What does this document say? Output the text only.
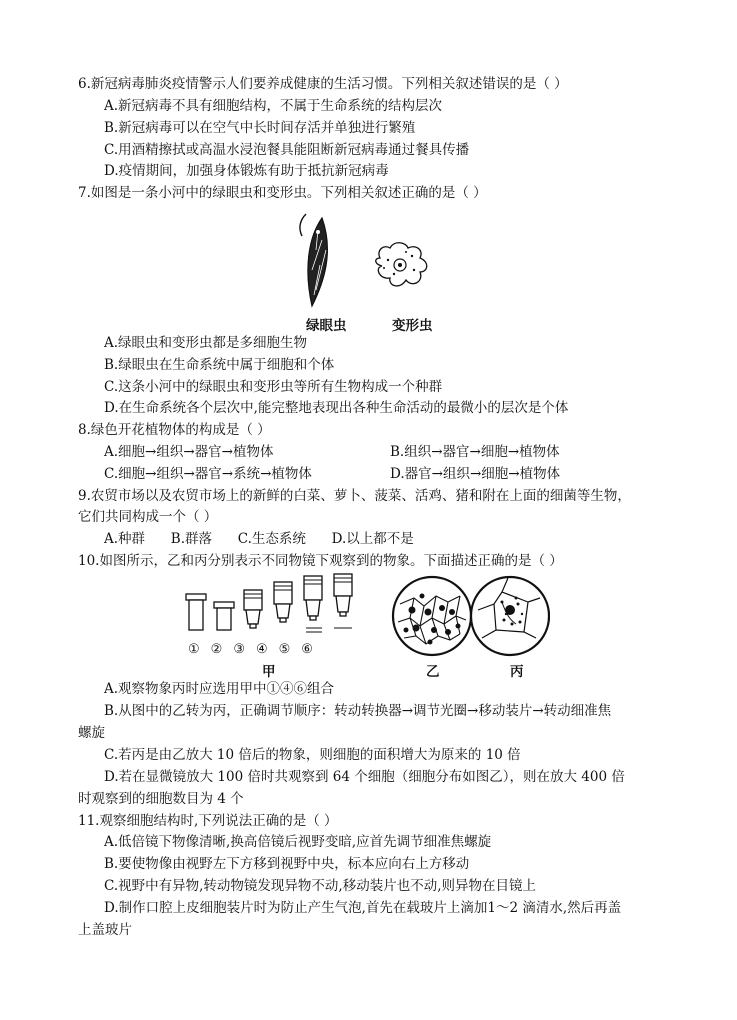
6.新冠病毒肺炎疫情警示人们要养成健康的生活习惯。下列相关叙述错误的是（ ）
A.新冠病毒不具有细胞结构，不属于生命系统的结构层次
B.新冠病毒可以在空气中长时间存活并单独进行繁殖
C.用酒精擦拭或高温水浸泡餐具能阻断新冠病毒通过餐具传播
D.疫情期间，加强身体锻炼有助于抵抗新冠病毒
7.如图是一条小河中的绿眼虫和变形虫。下列相关叙述正确的是（ ）
绿眼虫	变形虫
A.绿眼虫和变形虫都是多细胞生物
B.绿眼虫在生命系统中属于细胞和个体
C.这条小河中的绿眼虫和变形虫等所有生物构成一个种群
D.在生命系统各个层次中,能完整地表现出各种生命活动的最微小的层次是个体
8.绿色开花植物体的构成是（ ）
A.细胞→组织→器官→植物体	B.组织→器官→细胞→植物体
C.细胞→组织→器官→系统→植物体	D.器官→组织→细胞→植物体
9.农贸市场以及农贸市场上的新鲜的白菜、萝卜、菠菜、活鸡、猪和附在上面的细菌等生物，
它们共同构成一个（ ）
A.种群      B.群落      C.生态系统      D.以上都不是
10.如图所示，乙和丙分别表示不同物镜下观察到的物象。下面描述正确的是（ ）
①②③④⑤⑥
甲	乙	丙
A.观察物象丙时应选用甲中①④⑥组合
B.从图中的乙转为丙，正确调节顺序：转动转换器→调节光圈→移动装片→转动细准焦
螺旋
C.若丙是由乙放大 10 倍后的物象，则细胞的面积增大为原来的 10 倍
D.若在显微镜放大 100 倍时共观察到 64 个细胞（细胞分布如图乙），则在放大 400 倍
时观察到的细胞数目为 4 个
11.观察细胞结构时,下列说法正确的是（ ）
A.低倍镜下物像清晰,换高倍镜后视野变暗,应首先调节细准焦螺旋
B.要使物像由视野左下方移到视野中央，标本应向右上方移动
C.视野中有异物,转动物镜发现异物不动,移动装片也不动,则异物在目镜上
D.制作口腔上皮细胞装片时为防止产生气泡,首先在载玻片上滴加1～2 滴清水,然后再盖
上盖玻片
